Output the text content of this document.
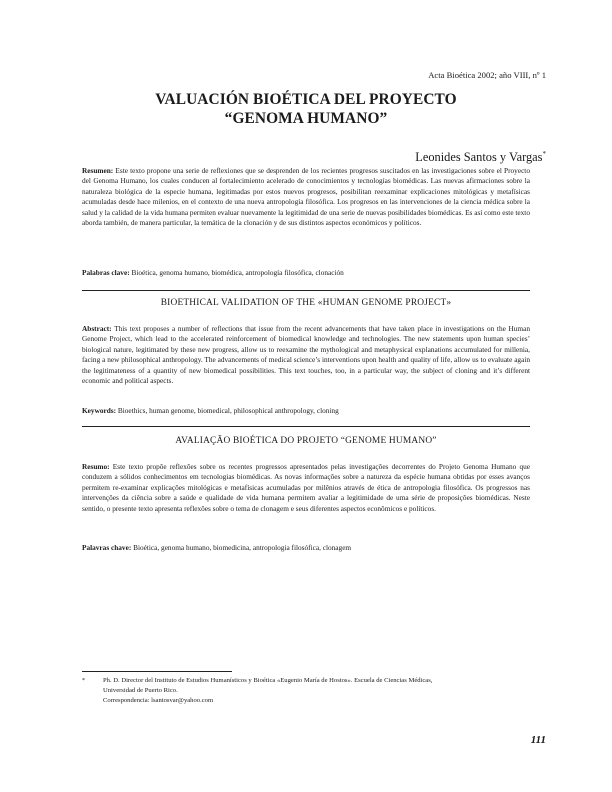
Acta Bioética 2002; año VIII, nº 1
VALUACIÓN BIOÉTICA DEL PROYECTO
“GENOMA HUMANO”
Leonides Santos y Vargas*
Resumen: Este texto propone una serie de reflexiones que se desprenden de los recientes progresos suscitados en las investigaciones sobre el Proyecto del Genoma Humano, los cuales conducen al fortalecimiento acelerado de conocimientos y tecnologías biomédicas. Las nuevas afirmaciones sobre la naturaleza biológica de la especie humana, legitimadas por estos nuevos progresos, posibilitan reexaminar explicaciones mitológicas y metafísicas acumuladas desde hace milenios, en el contexto de una nueva antropología filosófica. Los progresos en las intervenciones de la ciencia médica sobre la salud y la calidad de la vida humana permiten evaluar nuevamente la legitimidad de una serie de nuevas posibilidades biomédicas. Es así como este texto aborda también, de manera particular, la temática de la clonación y de sus distintos aspectos económicos y políticos.
Palabras clave: Bioética, genoma humano, biomédica, antropología filosófica, clonación
BIOETHICAL VALIDATION OF THE «HUMAN GENOME PROJECT»
Abstract: This text proposes a number of reflections that issue from the recent advancements that have taken place in investigations on the Human Genome Project, which lead to the accelerated reinforcement of biomedical knowledge and technologies. The new statements upon human species’ biological nature, legitimated by these new progress, allow us to reexamine the mythological and metaphysical explanations accumulated for millenia, facing a new philosophical anthropology. The advancements of medical science’s interventions upon health and quality of life, allow us to evaluate again the legitimateness of a quantity of new biomedical possibilities. This text touches, too, in a particular way, the subject of cloning and it’s different economic and political aspects.
Keywords: Bioethics, human genome, biomedical, philosophical anthropology, cloning
AVALIAÇÃO BIOÉTICA DO PROJETO “GENOME HUMANO”
Resumo: Este texto propõe reflexões sobre os recentes progressos apresentados pelas investigações decorrentes do Projeto Genoma Humano que conduzem a sólidos conhecimentos em tecnologias biomédicas. As novas informações sobre a natureza da espécie humana obtidas por esses avanços permitem re-examinar explicações mitológicas e metafísicas acumuladas por milênios através de ética de antropologia filosófica. Os progressos nas intervenções da ciência sobre a saúde e qualidade de vida humana permitem avaliar a legitimidade de uma série de proposições biomédicas. Neste sentido, o presente texto apresenta reflexões sobre o tema de clonagem e seus diferentes aspectos econômicos e políticos.
Palavras chave: Bioética, genoma humano, biomedicina, antropologia filosófica, clonagem
*	Ph. D. Director del Instituto de Estudios Humanísticos y Bioética «Eugenio María de Hostos». Escuela de Ciencias Médicas,
Universidad de Puerto Rico.
Correspondencia: lsantosvar@yahoo.com
111
